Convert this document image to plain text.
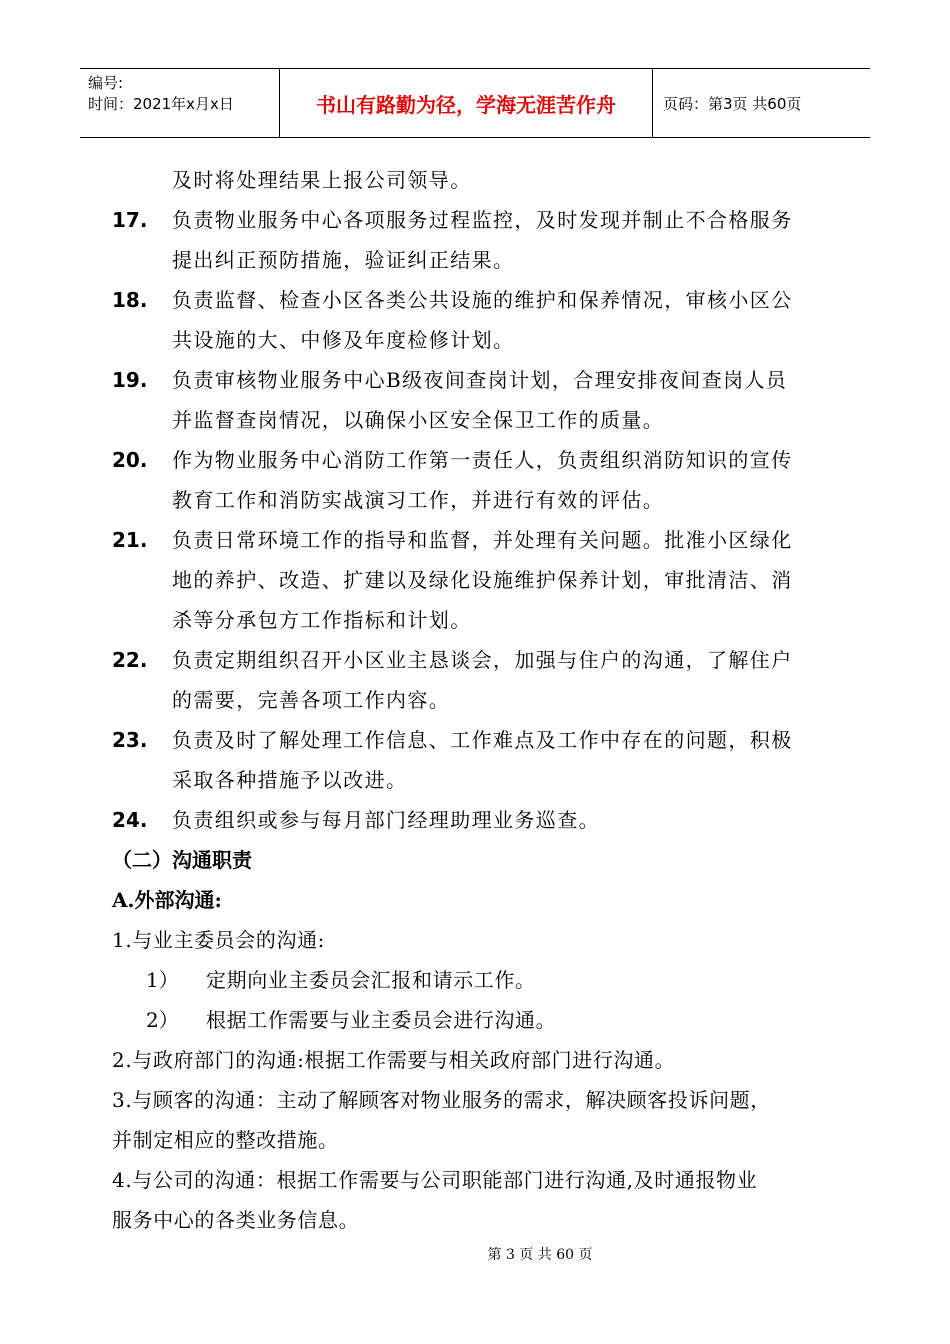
编号:
时间：2021年x月x日	书山有路勤为径，学海无涯苦作舟	页码：第3页 共60页
及时将处理结果上报公司领导。
17. 负责物业服务中心各项服务过程监控，及时发现并制止不合格服务
提出纠正预防措施，验证纠正结果。
18. 负责监督、检查小区各类公共设施的维护和保养情况，审核小区公
共设施的大、中修及年度检修计划。
19. 负责审核物业服务中心B级夜间查岗计划，合理安排夜间查岗人员
并监督查岗情况，以确保小区安全保卫工作的质量。
20. 作为物业服务中心消防工作第一责任人，负责组织消防知识的宣传
教育工作和消防实战演习工作，并进行有效的评估。
21. 负责日常环境工作的指导和监督，并处理有关问题。批准小区绿化
地的养护、改造、扩建以及绿化设施维护保养计划，审批清洁、消
杀等分承包方工作指标和计划。
22. 负责定期组织召开小区业主恳谈会，加强与住户的沟通，了解住户
的需要，完善各项工作内容。
23. 负责及时了解处理工作信息、工作难点及工作中存在的问题，积极
采取各种措施予以改进。
24. 负责组织或参与每月部门经理助理业务巡查。
（二）沟通职责
A.外部沟通:
1.与业主委员会的沟通:
1） 定期向业主委员会汇报和请示工作。
2） 根据工作需要与业主委员会进行沟通。
2.与政府部门的沟通:根据工作需要与相关政府部门进行沟通。
3.与顾客的沟通：主动了解顾客对物业服务的需求，解决顾客投诉问题，
并制定相应的整改措施。
4.与公司的沟通：根据工作需要与公司职能部门进行沟通,及时通报物业
服务中心的各类业务信息。
第 3 页 共 60 页
